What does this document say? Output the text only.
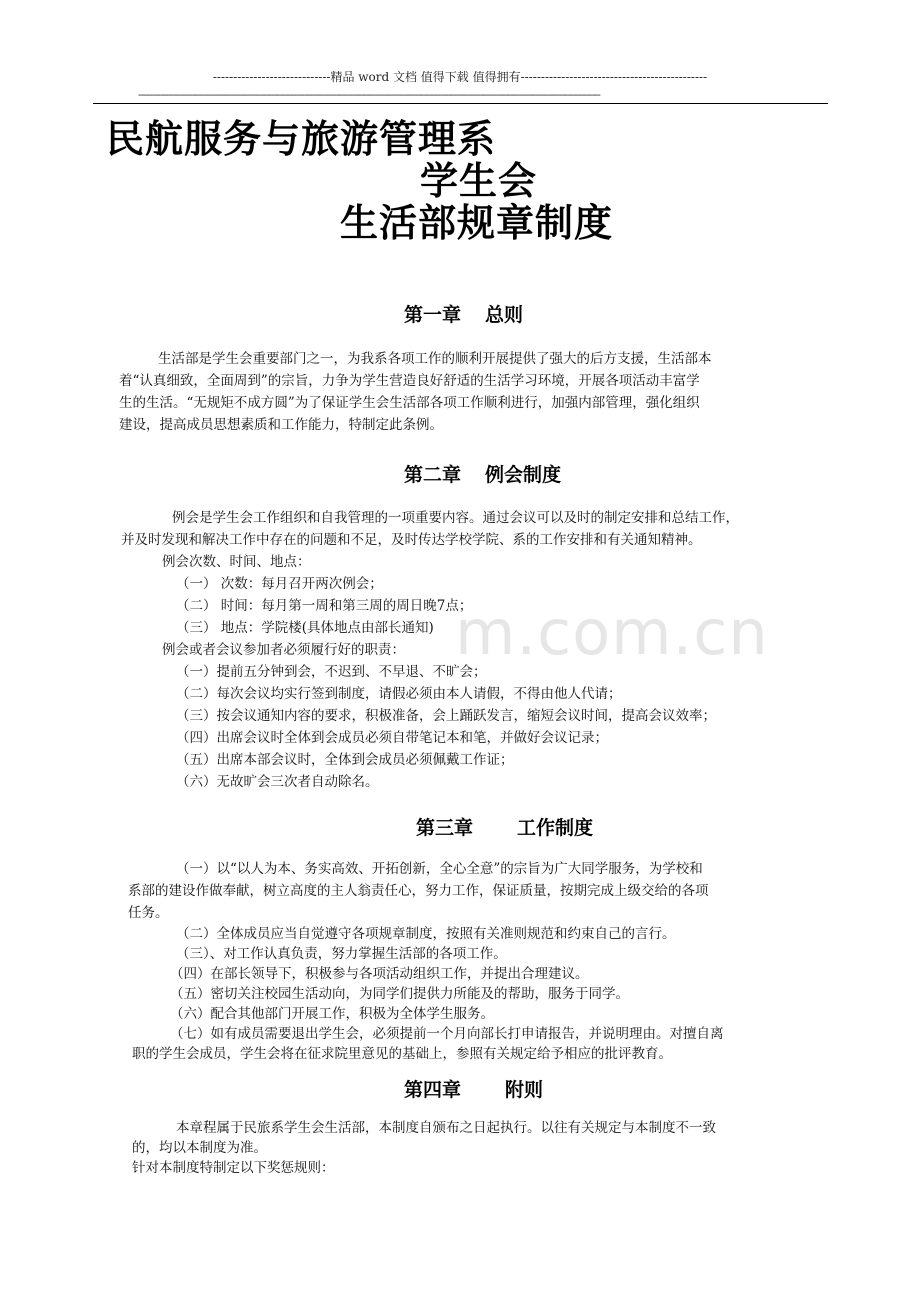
m.com.cn
-----------------------------精品 word 文档 值得下载 值得拥有----------------------------------------------
--------------------------------------------------------------------------------------------------------------------------------------------------------------------------
民航服务与旅游管理系
学生会
生活部规章制度
第一章 总则
生活部是学生会重要部门之一，为我系各项工作的顺利开展提供了强大的后方支援，生活部本
着“认真细致，全面周到”的宗旨，力争为学生营造良好舒适的生活学习环境，开展各项活动丰富学
生的生活。“无规矩不成方圆”为了保证学生会生活部各项工作顺利进行，加强内部管理，强化组织
建设，提高成员思想素质和工作能力，特制定此条例。
第二章 例会制度
例会是学生会工作组织和自我管理的一项重要内容。通过会议可以及时的制定安排和总结工作，
并及时发现和解决工作中存在的问题和不足，及时传达学校学院、系的工作安排和有关通知精神。
例会次数、时间、地点：
（一） 次数：每月召开两次例会；
（二） 时间：每月第一周和第三周的周日晚7点；
（三） 地点：学院楼(具体地点由部长通知)
例会或者会议参加者必须履行好的职责：
（一）提前五分钟到会，不迟到、不早退、不旷会；
（二）每次会议均实行签到制度，请假必须由本人请假，不得由他人代请；
（三）按会议通知内容的要求，积极准备，会上踊跃发言，缩短会议时间，提高会议效率；
（四）出席会议时全体到会成员必须自带笔记本和笔，并做好会议记录；
（五）出席本部会议时，全体到会成员必须佩戴工作证；
（六）无故旷会三次者自动除名。
第三章 工作制度
（一）以“以人为本、务实高效、开拓创新，全心全意”的宗旨为广大同学服务，为学校和
系部的建设作做奉献，树立高度的主人翁责任心，努力工作，保证质量，按期完成上级交给的各项
任务。
（二）全体成员应当自觉遵守各项规章制度，按照有关准则规范和约束自己的言行。
（三）、对工作认真负责，努力掌握生活部的各项工作。
（四）在部长领导下，积极参与各项活动组织工作，并提出合理建议。
（五）密切关注校园生活动向，为同学们提供力所能及的帮助，服务于同学。
（六）配合其他部门开展工作，积极为全体学生服务。
（七）如有成员需要退出学生会，必须提前一个月向部长打申请报告，并说明理由。对擅自离
职的学生会成员，学生会将在征求院里意见的基础上，参照有关规定给予相应的批评教育。
第四章 附则
本章程属于民旅系学生会生活部，本制度自颁布之日起执行。以往有关规定与本制度不一致
的，均以本制度为准。
针对本制度特制定以下奖惩规则：
